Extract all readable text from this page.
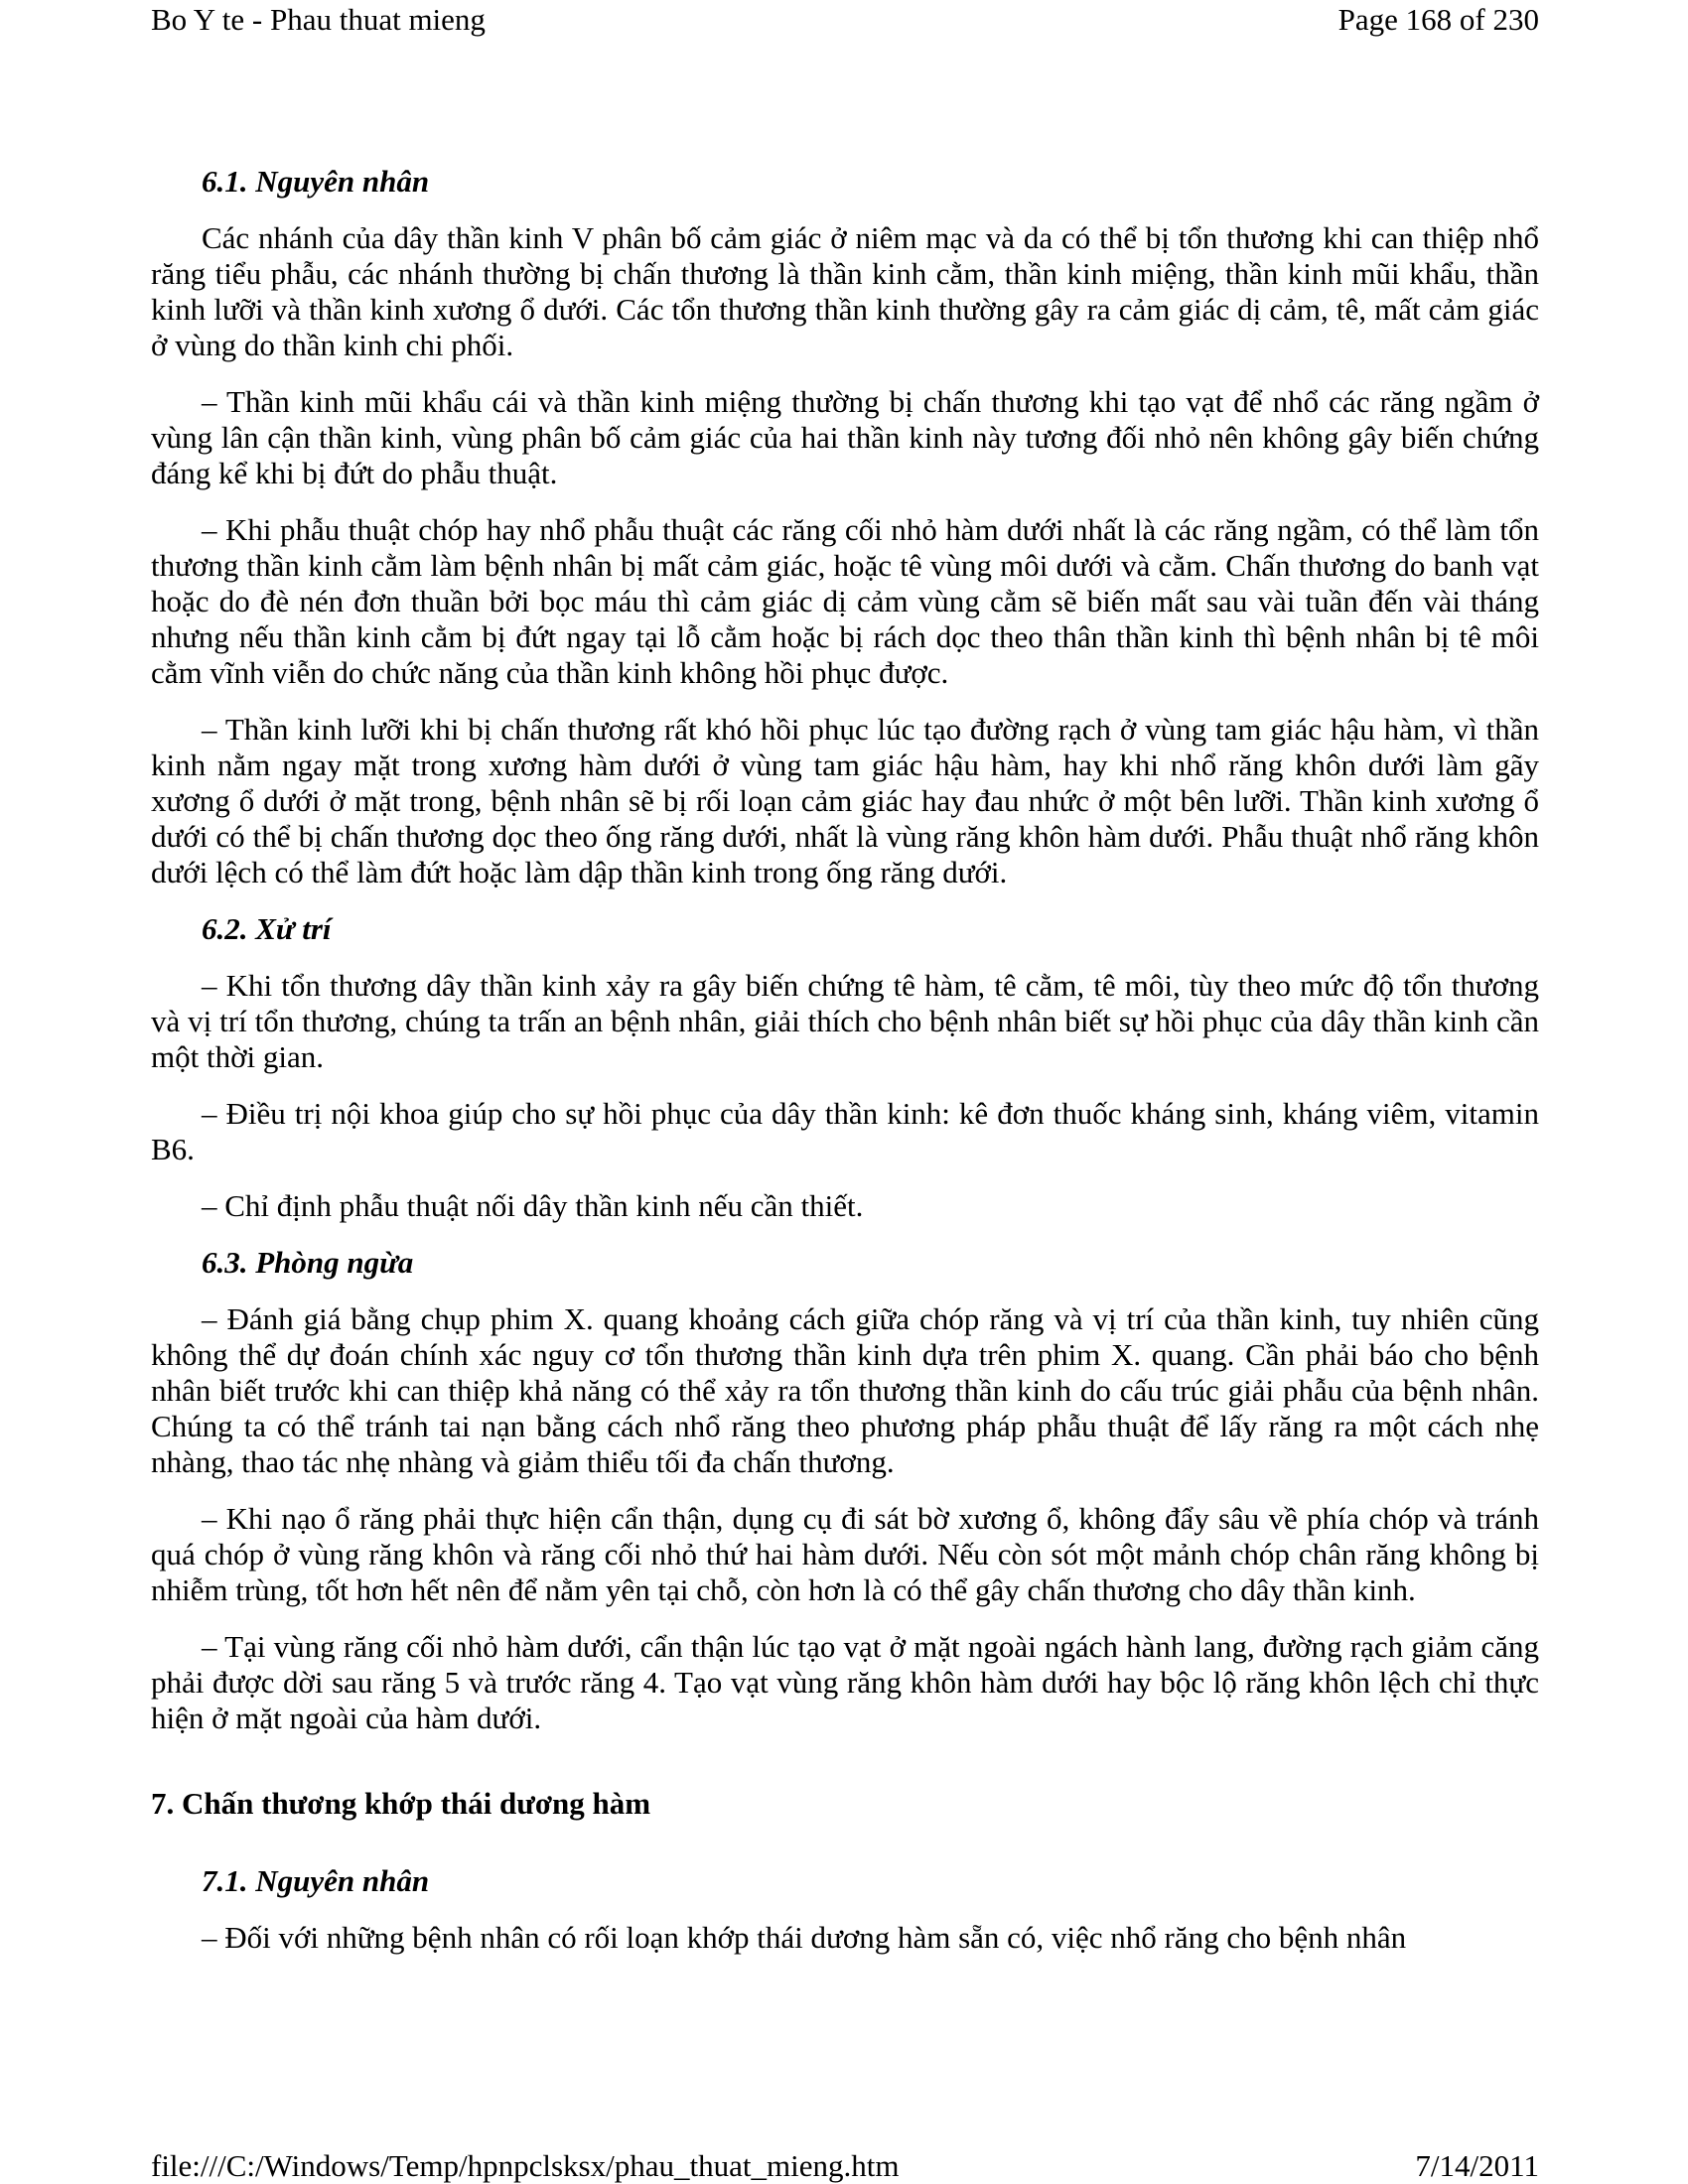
Bo Y te - Phau thuat mieng	Page 168 of 230
6.1. Nguyên nhân

Các nhánh của dây thần kinh V phân bố cảm giác ở niêm mạc và da có thể bị tổn thương khi can thiệp nhổ răng tiểu phẫu, các nhánh thường bị chấn thương là thần kinh cằm, thần kinh miệng, thần kinh mũi khẩu, thần kinh lưỡi và thần kinh xương ổ dưới. Các tổn thương thần kinh thường gây ra cảm giác dị cảm, tê, mất cảm giác ở vùng do thần kinh chi phối.

– Thần kinh mũi khẩu cái và thần kinh miệng thường bị chấn thương khi tạo vạt để nhổ các răng ngầm ở vùng lân cận thần kinh, vùng phân bố cảm giác của hai thần kinh này tương đối nhỏ nên không gây biến chứng đáng kể khi bị đứt do phẫu thuật.

– Khi phẫu thuật chóp hay nhổ phẫu thuật các răng cối nhỏ hàm dưới nhất là các răng ngầm, có thể làm tổn thương thần kinh cằm làm bệnh nhân bị mất cảm giác, hoặc tê vùng môi dưới và cằm. Chấn thương do banh vạt hoặc do đè nén đơn thuần bởi bọc máu thì cảm giác dị cảm vùng cằm sẽ biến mất sau vài tuần đến vài tháng nhưng nếu thần kinh cằm bị đứt ngay tại lỗ cằm hoặc bị rách dọc theo thân thần kinh thì bệnh nhân bị tê môi cằm vĩnh viễn do chức năng của thần kinh không hồi phục được.

– Thần kinh lưỡi khi bị chấn thương rất khó hồi phục lúc tạo đường rạch ở vùng tam giác hậu hàm, vì thần kinh nằm ngay mặt trong xương hàm dưới ở vùng tam giác hậu hàm, hay khi nhổ răng khôn dưới làm gãy xương ổ dưới ở mặt trong, bệnh nhân sẽ bị rối loạn cảm giác hay đau nhức ở một bên lưỡi. Thần kinh xương ổ dưới có thể bị chấn thương dọc theo ống răng dưới, nhất là vùng răng khôn hàm dưới. Phẫu thuật nhổ răng khôn dưới lệch có thể làm đứt hoặc làm dập thần kinh trong ống răng dưới.

6.2. Xử trí

– Khi tổn thương dây thần kinh xảy ra gây biến chứng tê hàm, tê cằm, tê môi, tùy theo mức độ tổn thương và vị trí tổn thương, chúng ta trấn an bệnh nhân, giải thích cho bệnh nhân biết sự hồi phục của dây thần kinh cần một thời gian.

– Điều trị nội khoa giúp cho sự hồi phục của dây thần kinh: kê đơn thuốc kháng sinh, kháng viêm, vitamin B6.

– Chỉ định phẫu thuật nối dây thần kinh nếu cần thiết.

6.3. Phòng ngừa

– Đánh giá bằng chụp phim X. quang khoảng cách giữa chóp răng và vị trí của thần kinh, tuy nhiên cũng không thể dự đoán chính xác nguy cơ tổn thương thần kinh dựa trên phim X. quang. Cần phải báo cho bệnh nhân biết trước khi can thiệp khả năng có thể xảy ra tổn thương thần kinh do cấu trúc giải phẫu của bệnh nhân. Chúng ta có thể tránh tai nạn bằng cách nhổ răng theo phương pháp phẫu thuật để lấy răng ra một cách nhẹ nhàng, thao tác nhẹ nhàng và giảm thiểu tối đa chấn thương.

– Khi nạo ổ răng phải thực hiện cẩn thận, dụng cụ đi sát bờ xương ổ, không đẩy sâu về phía chóp và tránh quá chóp ở vùng răng khôn và răng cối nhỏ thứ hai hàm dưới. Nếu còn sót một mảnh chóp chân răng không bị nhiễm trùng, tốt hơn hết nên để nằm yên tại chỗ, còn hơn là có thể gây chấn thương cho dây thần kinh.

– Tại vùng răng cối nhỏ hàm dưới, cẩn thận lúc tạo vạt ở mặt ngoài ngách hành lang, đường rạch giảm căng phải được dời sau răng 5 và trước răng 4. Tạo vạt vùng răng khôn hàm dưới hay bộc lộ răng khôn lệch chỉ thực hiện ở mặt ngoài của hàm dưới.

7. Chấn thương khớp thái dương hàm
7.1. Nguyên nhân

– Đối với những bệnh nhân có rối loạn khớp thái dương hàm sẵn có, việc nhổ răng cho bệnh nhân

file:///C:/Windows/Temp/hpnpclsksx/phau_thuat_mieng.htm	7/14/2011
